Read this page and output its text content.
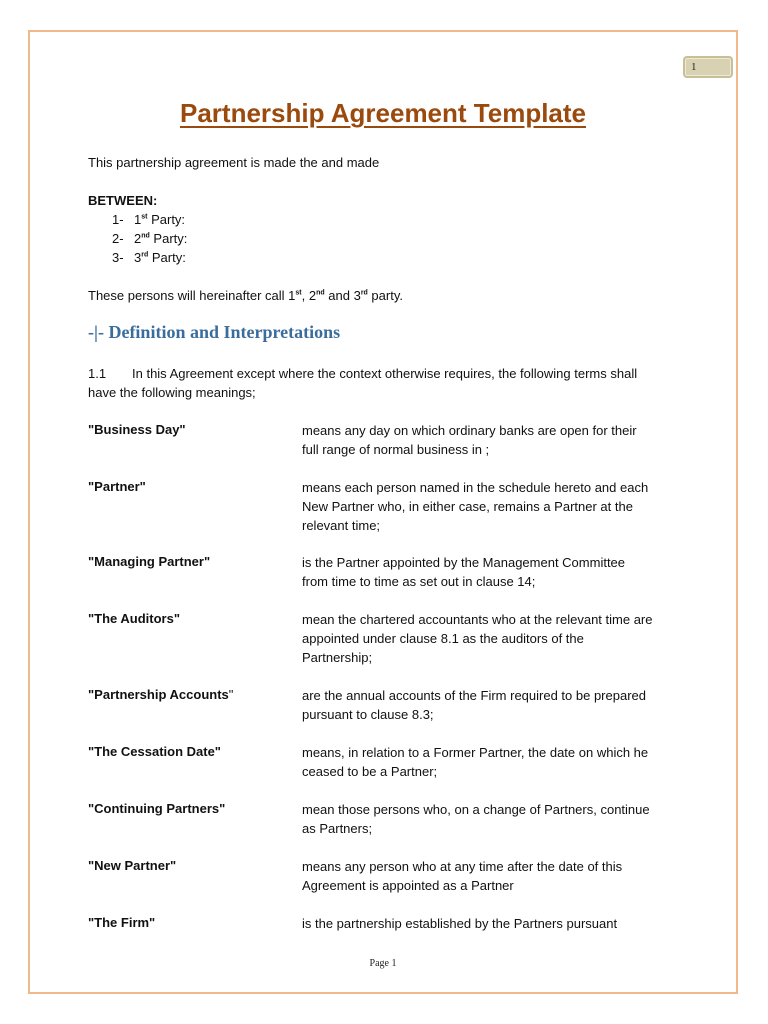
1
Partnership Agreement Template
This partnership agreement is made the and made
BETWEEN:
1- 1st Party:
2- 2nd Party:
3- 3rd Party:
These persons will hereinafter call 1st, 2nd and 3rd party.
-|- Definition and Interpretations
1.1 In this Agreement except where the context otherwise requires, the following terms shall
have the following meanings;
"Business Day"	means any day on which ordinary banks are open for their
full range of normal business in ;
"Partner"	means each person named in the schedule hereto and each
New Partner who, in either case, remains a Partner at the
relevant time;
"Managing Partner"	is the Partner appointed by the Management Committee
from time to time as set out in clause 14;
"The Auditors"	mean the chartered accountants who at the relevant time are
appointed under clause 8.1 as the auditors of the
Partnership;
"Partnership Accounts"	are the annual accounts of the Firm required to be prepared
pursuant to clause 8.3;
"The Cessation Date"	means, in relation to a Former Partner, the date on which he
ceased to be a Partner;
"Continuing Partners"	mean those persons who, on a change of Partners, continue
as Partners;
"New Partner"	means any person who at any time after the date of this
Agreement is appointed as a Partner
"The Firm"	is the partnership established by the Partners pursuant
Page 1
